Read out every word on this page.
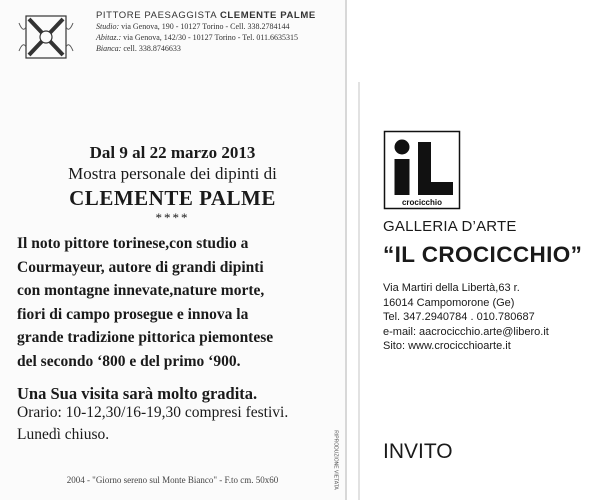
PITTORE PAESAGGISTA CLEMENTE PALME
Studio: via Genova, 190 - 10127 Torino - Cell. 338.2784144
Abitaz.: via Genova, 142/30 - 10127 Torino - Tel. 011.6635315
Bianca: cell. 338.8746633
Dal 9 al 22 marzo 2013
Mostra personale dei dipinti di
CLEMENTE PALME
****

Il noto pittore torinese,con studio a
Courmayeur, autore di grandi dipinti
con montagne innevate,nature morte,
fiori di campo prosegue e innova la
grande tradizione pittorica piemontese
del secondo ‘800 e del primo ‘900.

Una Sua visita sarà molto gradita.
Orario: 10-12,30/16-19,30 compresi festivi.
Lunedì chiuso.	RIPRODUZIONE VIETATA
2004 - "Giorno sereno sul Monte Bianco" - F.to cm. 50x60
crocicchio
GALLERIA D’ARTE
“IL CROCICCHIO”
Via Martiri della Libertà,63 r.
16014 Campomorone (Ge)
Tel. 347.2940784 . 010.780687
e-mail: aacrocicchio.arte@libero.it
Sito: www.crocicchioarte.it
INVITO
